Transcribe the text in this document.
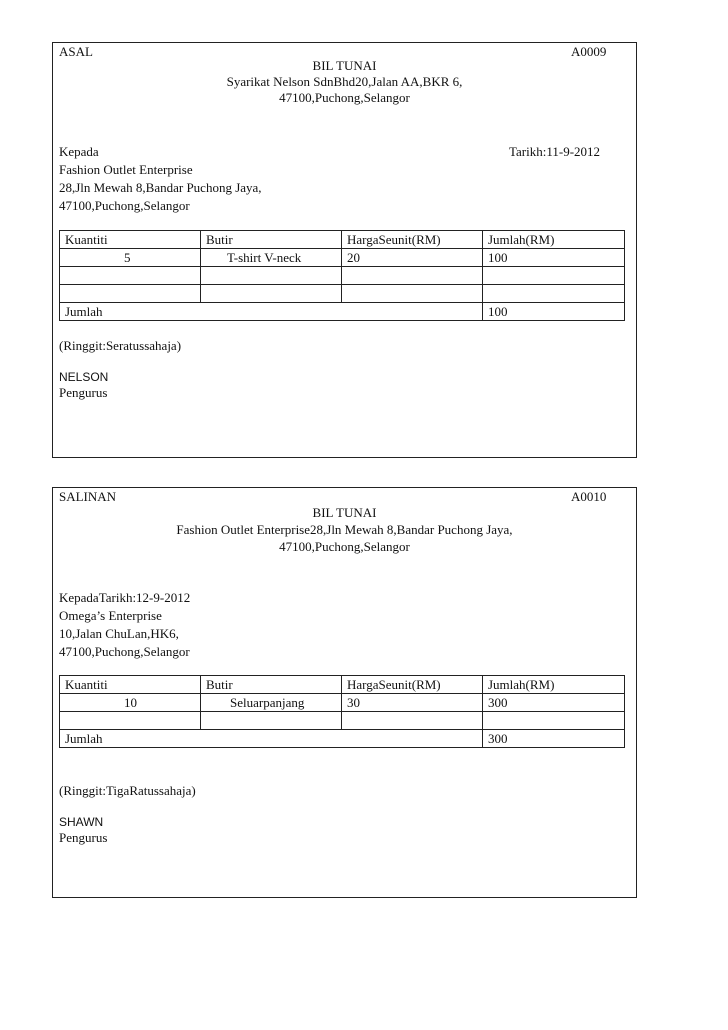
ASAL	A0009
BIL TUNAI
Syarikat Nelson SdnBhd20,Jalan AA,BKR 6,
47100,Puchong,Selangor
Kepada	Tarikh:11-9-2012
Fashion Outlet Enterprise
28,Jln Mewah 8,Bandar Puchong Jaya,
47100,Puchong,Selangor
Kuantiti	Butir	HargaSeunit(RM)	Jumlah(RM)
5	T-shirt V-neck	20	100

Jumlah			100
(Ringgit:Seratussahaja)
NELSON
Pengurus
SALINAN	A0010
BIL TUNAI
Fashion Outlet Enterprise28,Jln Mewah 8,Bandar Puchong Jaya,
47100,Puchong,Selangor
KepadaTarikh:12-9-2012
Omega’s Enterprise
10,Jalan ChuLan,HK6,
47100,Puchong,Selangor
Kuantiti	Butir	HargaSeunit(RM)	Jumlah(RM)
10	Seluarpanjang	30	300

Jumlah			300
(Ringgit:TigaRatussahaja)
SHAWN
Pengurus
